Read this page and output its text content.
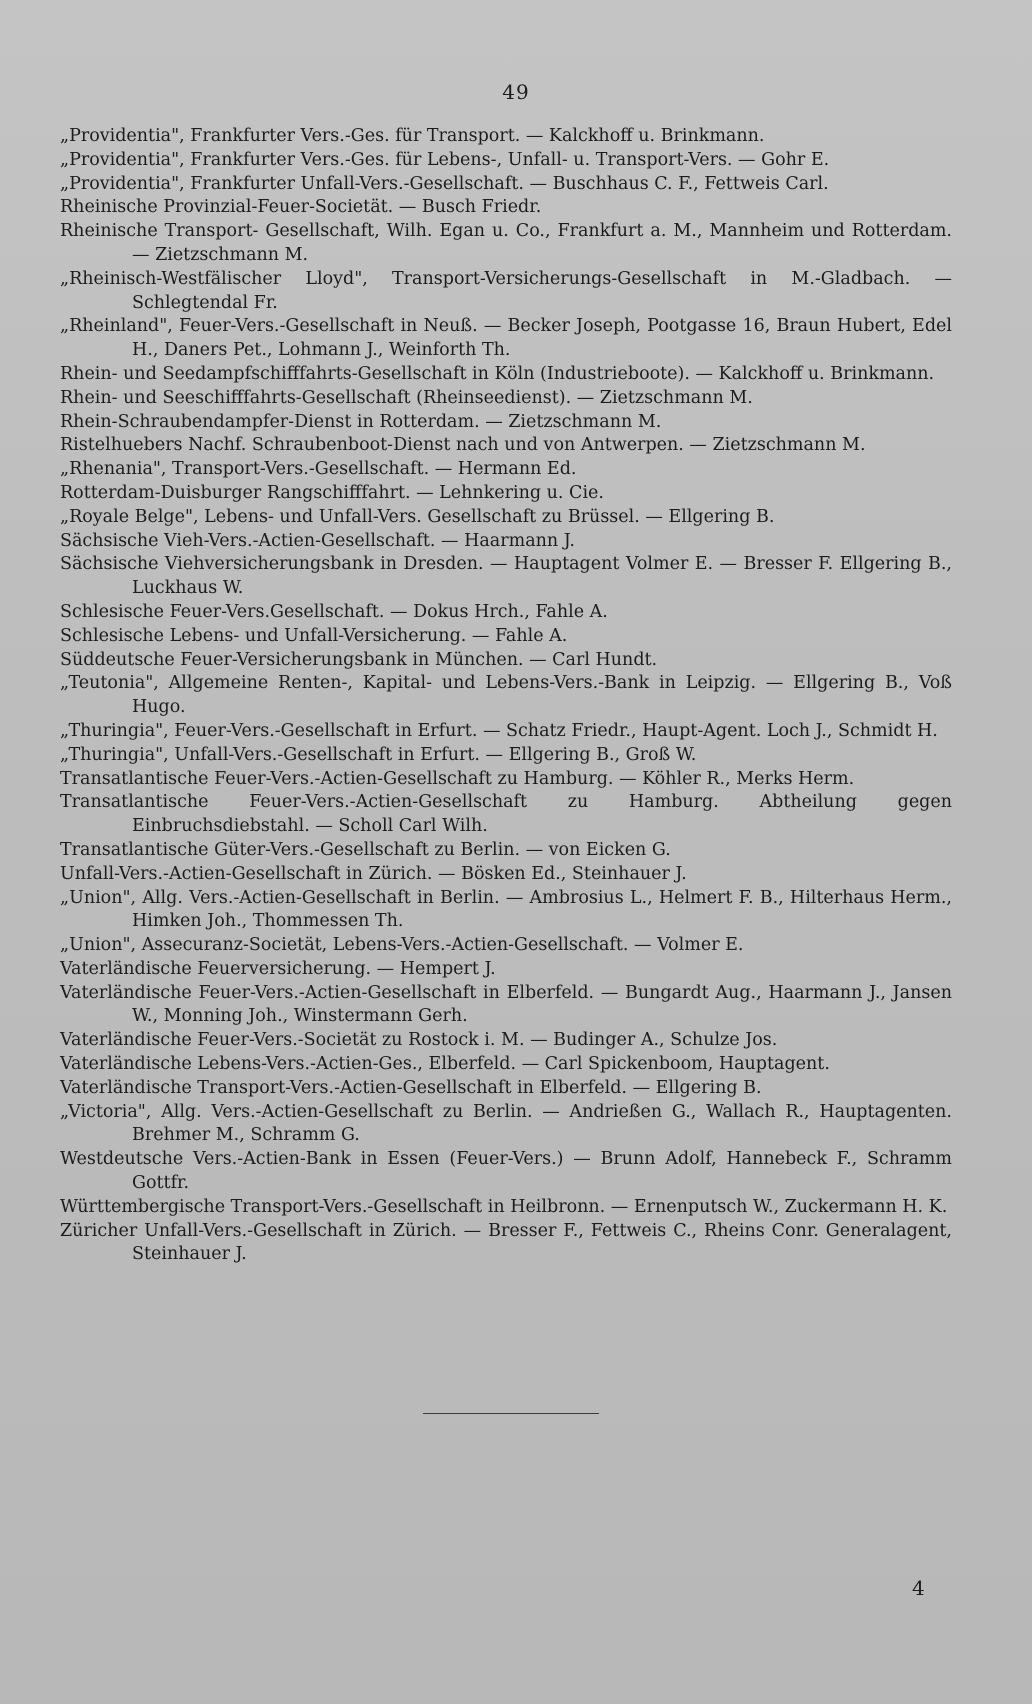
49
„Providentia", Frankfurter Vers.-Ges. für Transport. — Kalckhoff u. Brinkmann.
„Providentia", Frankfurter Vers.-Ges. für Lebens-, Unfall- u. Transport-Vers. — Gohr E.
„Providentia", Frankfurter Unfall-Vers.-Gesellschaft. — Buschhaus C. F., Fettweis Carl.
Rheinische Provinzial-Feuer-Societät. — Busch Friedr.
Rheinische Transport- Gesellschaft, Wilh. Egan u. Co., Frankfurt a. M., Mannheim und Rotterdam. — Zietzschmann M.
„Rheinisch-Westfälischer Lloyd", Transport-Versicherungs-Gesellschaft in M.-Gladbach. — Schlegtendal Fr.
„Rheinland", Feuer-Vers.-Gesellschaft in Neuß. — Becker Joseph, Pootgasse 16, Braun Hubert, Edel H., Daners Pet., Lohmann J., Weinforth Th.
Rhein- und Seedampfschifffahrts-Gesellschaft in Köln (Industrieboote). — Kalckhoff u. Brinkmann.
Rhein- und Seeschifffahrts-Gesellschaft (Rheinseedienst). — Zietzschmann M.
Rhein-Schraubendampfer-Dienst in Rotterdam. — Zietzschmann M.
Ristelhuebers Nachf. Schraubenboot-Dienst nach und von Antwerpen. — Zietzschmann M.
„Rhenania", Transport-Vers.-Gesellschaft. — Hermann Ed.
Rotterdam-Duisburger Rangschifffahrt. — Lehnkering u. Cie.
„Royale Belge", Lebens- und Unfall-Vers. Gesellschaft zu Brüssel. — Ellgering B.
Sächsische Vieh-Vers.-Actien-Gesellschaft. — Haarmann J.
Sächsische Viehversicherungsbank in Dresden. — Hauptagent Volmer E. — Bresser F. Ellgering B., Luckhaus W.
Schlesische Feuer-Vers.Gesellschaft. — Dokus Hrch., Fahle A.
Schlesische Lebens- und Unfall-Versicherung. — Fahle A.
Süddeutsche Feuer-Versicherungsbank in München. — Carl Hundt.
„Teutonia", Allgemeine Renten-, Kapital- und Lebens-Vers.-Bank in Leipzig. — Ellgering B., Voß Hugo.
„Thuringia", Feuer-Vers.-Gesellschaft in Erfurt. — Schatz Friedr., Haupt-Agent. Loch J., Schmidt H.
„Thuringia", Unfall-Vers.-Gesellschaft in Erfurt. — Ellgering B., Groß W.
Transatlantische Feuer-Vers.-Actien-Gesellschaft zu Hamburg. — Köhler R., Merks Herm.
Transatlantische Feuer-Vers.-Actien-Gesellschaft zu Hamburg. Abtheilung gegen Einbruchsdiebstahl. — Scholl Carl Wilh.
Transatlantische Güter-Vers.-Gesellschaft zu Berlin. — von Eicken G.
Unfall-Vers.-Actien-Gesellschaft in Zürich. — Bösken Ed., Steinhauer J.
„Union", Allg. Vers.-Actien-Gesellschaft in Berlin. — Ambrosius L., Helmert F. B., Hilterhaus Herm., Himken Joh., Thommessen Th.
„Union", Assecuranz-Societät, Lebens-Vers.-Actien-Gesellschaft. — Volmer E.
Vaterländische Feuerversicherung. — Hempert J.
Vaterländische Feuer-Vers.-Actien-Gesellschaft in Elberfeld. — Bungardt Aug., Haarmann J., Jansen W., Monning Joh., Winstermann Gerh.
Vaterländische Feuer-Vers.-Societät zu Rostock i. M. — Budinger A., Schulze Jos.
Vaterländische Lebens-Vers.-Actien-Ges., Elberfeld. — Carl Spickenboom, Hauptagent.
Vaterländische Transport-Vers.-Actien-Gesellschaft in Elberfeld. — Ellgering B.
„Victoria", Allg. Vers.-Actien-Gesellschaft zu Berlin. — Andrießen G., Wallach R., Hauptagenten. Brehmer M., Schramm G.
Westdeutsche Vers.-Actien-Bank in Essen (Feuer-Vers.) — Brunn Adolf, Hannebeck F., Schramm Gottfr.
Württembergische Transport-Vers.-Gesellschaft in Heilbronn. — Ernenputsch W., Zuckermann H. K.
Züricher Unfall-Vers.-Gesellschaft in Zürich. — Bresser F., Fettweis C., Rheins Conr. Generalagent, Steinhauer J.
4
